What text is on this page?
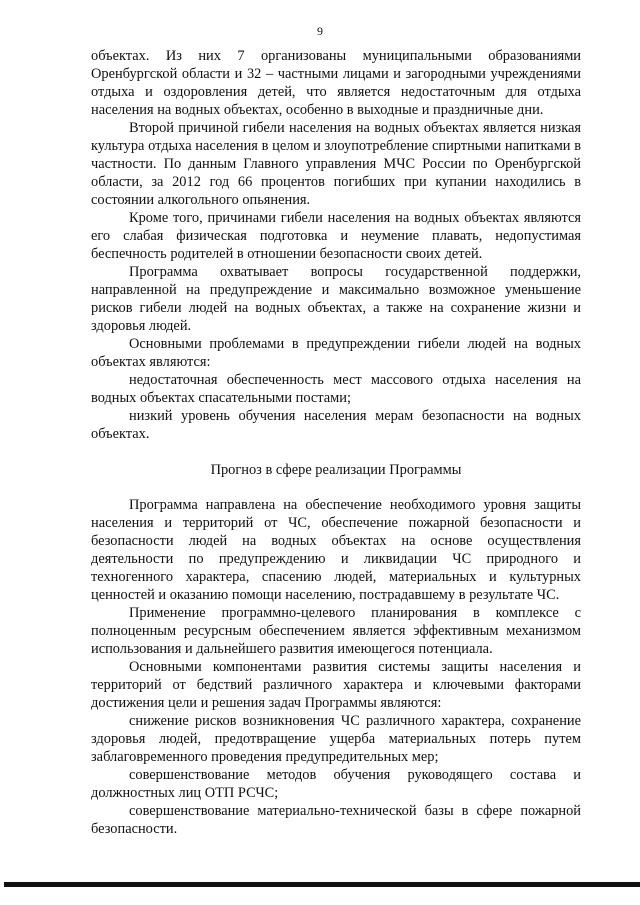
9

объектах. Из них 7 организованы муниципальными образованиями Оренбургской области и 32 – частными лицами и загородными учреждениями отдыха и оздоровления детей, что является недостаточным для отдыха населения на водных объектах, особенно в выходные и праздничные дни.

Второй причиной гибели населения на водных объектах является низкая культура отдыха населения в целом и злоупотребление спиртными напитками в частности. По данным Главного управления МЧС России по Оренбургской области, за 2012 год 66 процентов погибших при купании находились в состоянии алкогольного опьянения.

Кроме того, причинами гибели населения на водных объектах являются его слабая физическая подготовка и неумение плавать, недопустимая беспечность родителей в отношении безопасности своих детей.

Программа охватывает вопросы государственной поддержки, направленной на предупреждение и максимально возможное уменьшение рисков гибели людей на водных объектах, а также на сохранение жизни и здоровья людей.

Основными проблемами в предупреждении гибели людей на водных объектах являются:

недостаточная обеспеченность мест массового отдыха населения на водных объектах спасательными постами;

низкий уровень обучения населения мерам безопасности на водных объектах.

Прогноз в сфере реализации Программы

Программа направлена на обеспечение необходимого уровня защиты населения и территорий от ЧС, обеспечение пожарной безопасности и безопасности людей на водных объектах на основе осуществления деятельности по предупреждению и ликвидации ЧС природного и техногенного характера, спасению людей, материальных и культурных ценностей и оказанию помощи населению, пострадавшему в результате ЧС.

Применение программно-целевого планирования в комплексе с полноценным ресурсным обеспечением является эффективным механизмом использования и дальнейшего развития имеющегося потенциала.

Основными компонентами развития системы защиты населения и территорий от бедствий различного характера и ключевыми факторами достижения цели и решения задач Программы являются:

снижение рисков возникновения ЧС различного характера, сохранение здоровья людей, предотвращение ущерба материальных потерь путем заблаговременного проведения предупредительных мер;

совершенствование методов обучения руководящего состава и должностных лиц ОТП РСЧС;

совершенствование материально-технической базы в сфере пожарной безопасности.
